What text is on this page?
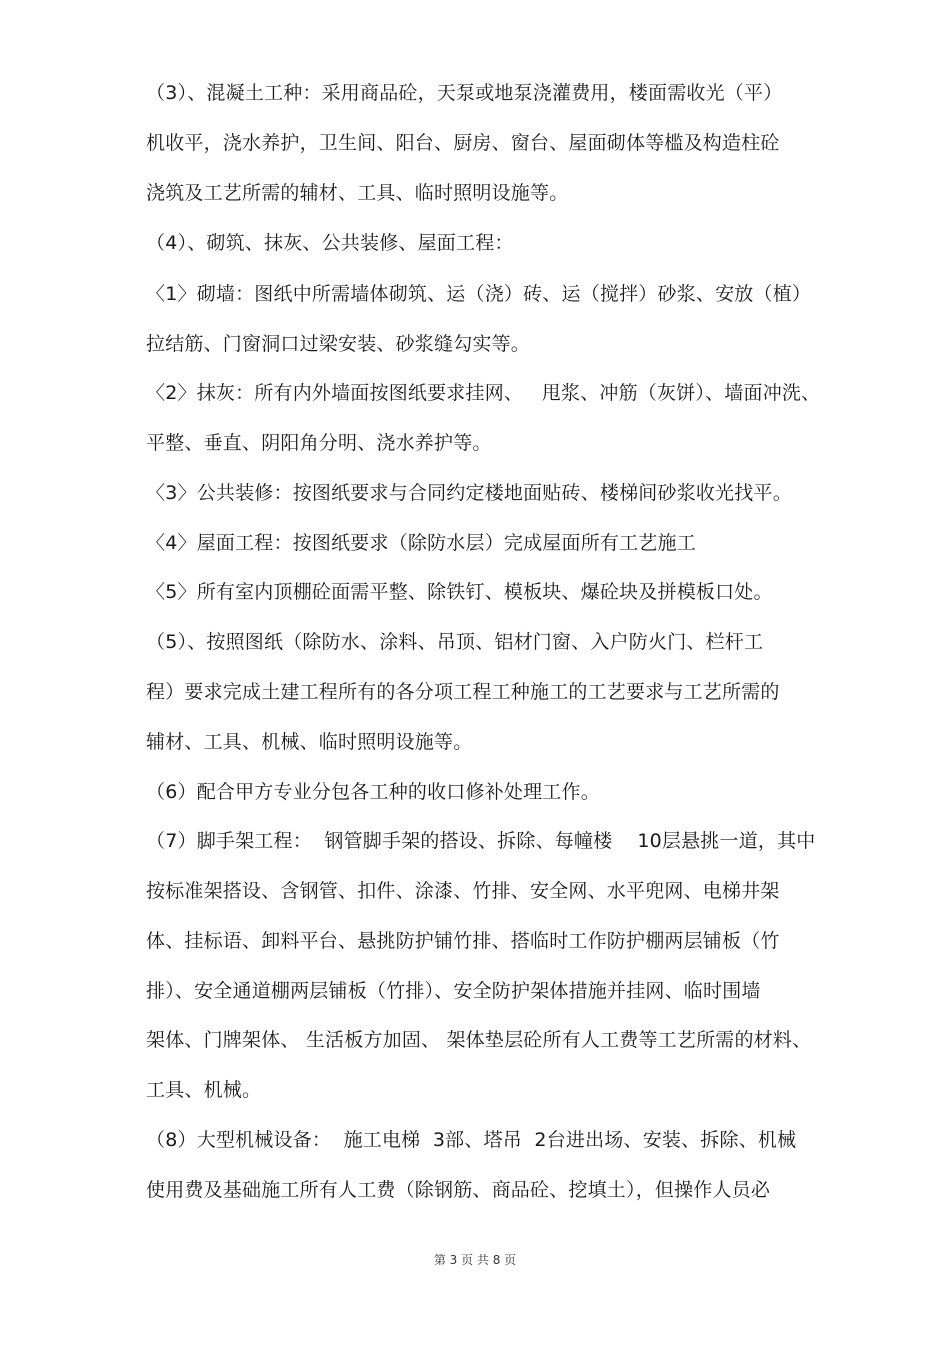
（3）、混凝土工种：采用商品砼，天泵或地泵浇灌费用，楼面需收光（平）
机收平，浇水养护，卫生间、阳台、厨房、窗台、屋面砌体等槛及构造柱砼
浇筑及工艺所需的辅材、工具、临时照明设施等。
（4）、砌筑、抹灰、公共装修、屋面工程：
〈1〉砌墙：图纸中所需墙体砌筑、运（浇）砖、运（搅拌）砂浆、安放（植）
拉结筋、门窗洞口过梁安装、砂浆缝勾实等。
〈2〉抹灰：所有内外墙面按图纸要求挂网、   甩浆、冲筋（灰饼）、墙面冲洗、
平整、垂直、阴阳角分明、浇水养护等。
〈3〉公共装修：按图纸要求与合同约定楼地面贴砖、楼梯间砂浆收光找平。
〈4〉屋面工程：按图纸要求（除防水层）完成屋面所有工艺施工
〈5〉所有室内顶棚砼面需平整、除铁钉、模板块、爆砼块及拼模板口处。
（5）、按照图纸（除防水、涂料、吊顶、铝材门窗、入户防火门、栏杆工
程）要求完成土建工程所有的各分项工程工种施工的工艺要求与工艺所需的
辅材、工具、机械、临时照明设施等。
（6）配合甲方专业分包各工种的收口修补处理工作。
（7）脚手架工程：  钢管脚手架的搭设、拆除、每幢楼    10层悬挑一道，其中
按标准架搭设、含钢管、扣件、涂漆、竹排、安全网、水平兜网、电梯井架
体、挂标语、卸料平台、悬挑防护铺竹排、搭临时工作防护棚两层铺板（竹
排）、安全通道棚两层铺板（竹排）、安全防护架体措施并挂网、临时围墙
架体、门牌架体、 生活板方加固、 架体垫层砼所有人工费等工艺所需的材料、
工具、机械。
（8）大型机械设备：  施工电梯  3部、塔吊  2台进出场、安装、拆除、机械
使用费及基础施工所有人工费（除钢筋、商品砼、挖填土），但操作人员必
第 3 页 共 8 页
